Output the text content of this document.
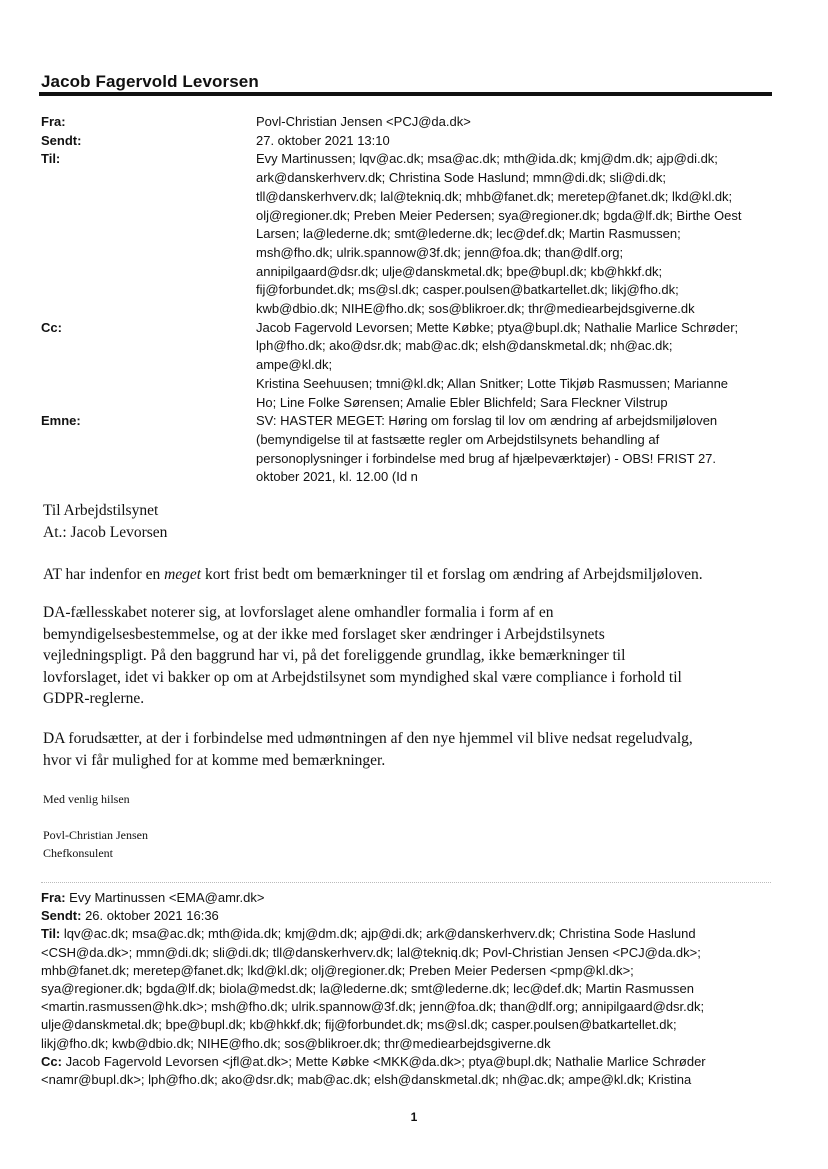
Jacob Fagervold Levorsen
Fra:	Povl-Christian Jensen <PCJ@da.dk>
Sendt:	27. oktober 2021 13:10
Til:	Evy Martinussen; lqv@ac.dk; msa@ac.dk; mth@ida.dk; kmj@dm.dk; ajp@di.dk;
ark@danskerhverv.dk; Christina Sode Haslund; mmn@di.dk; sli@di.dk;
tll@danskerhverv.dk; lal@tekniq.dk; mhb@fanet.dk; meretep@fanet.dk; lkd@kl.dk;
olj@regioner.dk; Preben Meier Pedersen; sya@regioner.dk; bgda@lf.dk; Birthe Oest
Larsen; la@lederne.dk; smt@lederne.dk; lec@def.dk; Martin Rasmussen;
msh@fho.dk; ulrik.spannow@3f.dk; jenn@foa.dk; than@dlf.org;
annipilgaard@dsr.dk; ulje@danskmetal.dk; bpe@bupl.dk; kb@hkkf.dk;
fij@forbundet.dk; ms@sl.dk; casper.poulsen@batkartellet.dk; likj@fho.dk;
kwb@dbio.dk; NIHE@fho.dk; sos@blikroer.dk; thr@mediearbejdsgiverne.dk
Cc:	Jacob Fagervold Levorsen; Mette Købke; ptya@bupl.dk; Nathalie Marlice Schrøder;
lph@fho.dk; ako@dsr.dk; mab@ac.dk; elsh@danskmetal.dk; nh@ac.dk; ampe@kl.dk;
Kristina Seehuusen; tmni@kl.dk; Allan Snitker; Lotte Tikjøb Rasmussen; Marianne
Ho; Line Folke Sørensen; Amalie Ebler Blichfeld; Sara Fleckner Vilstrup
Emne:	SV: HASTER MEGET: Høring om forslag til lov om ændring af arbejdsmiljøloven
(bemyndigelse til at fastsætte regler om Arbejdstilsynets behandling af
personoplysninger i forbindelse med brug af hjælpeværktøjer) - OBS! FRIST 27.
oktober 2021, kl. 12.00 (Id n
Til Arbejdstilsynet
At.: Jacob Levorsen
AT har indenfor en meget kort frist bedt om bemærkninger til et forslag om ændring af Arbejdsmiljøloven.
DA-fællesskabet noterer sig, at lovforslaget alene omhandler formalia i form af en
bemyndigelsesbestemmelse, og at der ikke med forslaget sker ændringer i Arbejdstilsynets
vejledningspligt. På den baggrund har vi, på det foreliggende grundlag, ikke bemærkninger til
lovforslaget, idet vi bakker op om at Arbejdstilsynet som myndighed skal være compliance i forhold til
GDPR-reglerne.
DA forudsætter, at der i forbindelse med udmøntningen af den nye hjemmel vil blive nedsat regeludvalg,
hvor vi får mulighed for at komme med bemærkninger.
Med venlig hilsen
Povl-Christian Jensen
Chefkonsulent
Fra: Evy Martinussen <EMA@amr.dk>
Sendt: 26. oktober 2021 16:36
Til: lqv@ac.dk; msa@ac.dk; mth@ida.dk; kmj@dm.dk; ajp@di.dk; ark@danskerhverv.dk; Christina Sode Haslund
<CSH@da.dk>; mmn@di.dk; sli@di.dk; tll@danskerhverv.dk; lal@tekniq.dk; Povl-Christian Jensen <PCJ@da.dk>;
mhb@fanet.dk; meretep@fanet.dk; lkd@kl.dk; olj@regioner.dk; Preben Meier Pedersen <pmp@kl.dk>;
sya@regioner.dk; bgda@lf.dk; biola@medst.dk; la@lederne.dk; smt@lederne.dk; lec@def.dk; Martin Rasmussen
<martin.rasmussen@hk.dk>; msh@fho.dk; ulrik.spannow@3f.dk; jenn@foa.dk; than@dlf.org; annipilgaard@dsr.dk;
ulje@danskmetal.dk; bpe@bupl.dk; kb@hkkf.dk; fij@forbundet.dk; ms@sl.dk; casper.poulsen@batkartellet.dk;
likj@fho.dk; kwb@dbio.dk; NIHE@fho.dk; sos@blikroer.dk; thr@mediearbejdsgiverne.dk
Cc: Jacob Fagervold Levorsen <jfl@at.dk>; Mette Købke <MKK@da.dk>; ptya@bupl.dk; Nathalie Marlice Schrøder
<namr@bupl.dk>; lph@fho.dk; ako@dsr.dk; mab@ac.dk; elsh@danskmetal.dk; nh@ac.dk; ampe@kl.dk; Kristina
1
